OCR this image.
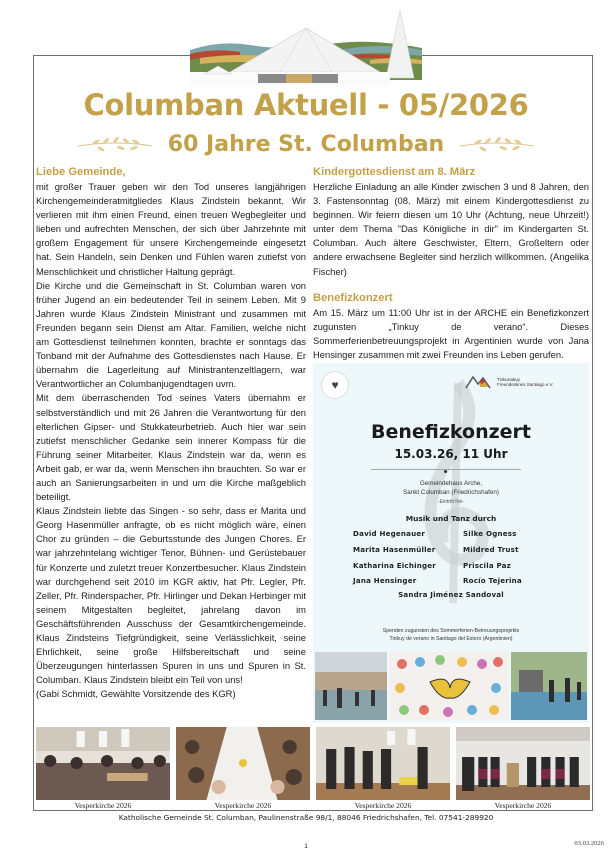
Columban Aktuell - 05/2026
60 Jahre St. Columban
Liebe Gemeinde,

mit großer Trauer geben wir den Tod unseres langjährigen Kirchengemeinderatmitgliedes Klaus Zindstein bekannt. Wir verlieren mit ihm einen Freund, einen treuen Wegbegleiter und lieben und aufrechten Menschen, der sich über Jahrzehnte mit großem Engagement für unsere Kirchengemeinde eingesetzt hat. Sein Handeln, sein Denken und Fühlen waren zutiefst von Menschlichkeit und christlicher Haltung geprägt.

Die Kirche und die Gemeinschaft in St. Columban waren von früher Jugend an ein bedeutender Teil in seinem Leben. Mit 9 Jahren wurde Klaus Zindstein Ministrant und zusammen mit Freunden begann sein Dienst am Altar. Familien, welche nicht am Gottesdienst teilnehmen konnten, brachte er sonntags das Tonband mit der Aufnahme des Gottesdienstes nach Hause. Er übernahm die Lagerleitung auf Ministrantenzeltlagern, war Verantwortlicher an Columbanjugendtagen uvm.

Mit dem überraschenden Tod seines Vaters übernahm er selbstverständlich und mit 26 Jahren die Verantwortung für den elterlichen Gipser- und Stukkateurbetrieb. Auch hier war sein zutiefst menschlicher Gedanke sein innerer Kompass für die Führung seiner Mitarbeiter. Klaus Zindstein war da, wenn es Arbeit gab, er war da, wenn Menschen ihn brauchten. So war er auch an Sanierungsarbeiten in und um die Kirche maßgeblich beteiligt.

Klaus Zindstein liebte das Singen - so sehr, dass er Marita und Georg Hasenmüller anfragte, ob es nicht möglich wäre, einen Chor zu gründen – die Geburtsstunde des Jungen Chores. Er war jahrzehntelang wichtiger Tenor, Bühnen- und Gerüstebauer für Konzerte und zuletzt treuer Konzertbesucher. Klaus Zindstein war durchgehend seit 2010 im KGR aktiv, hat Pfr. Legler, Pfr. Zeller, Pfr. Rinderspacher, Pfr. Hirlinger und Dekan Herbinger mit seinem Mitgestalten begleitet, jahrelang davon im Geschäftsführenden Ausschuss der Gesamtkirchengemeinde. Klaus Zindsteins Tiefgründigkeit, seine Verlässlichkeit, seine Ehrlichkeit, seine große Hilfsbereitschaft und seine Überzeugungen hinterlassen Spuren in uns und Spuren in St. Columban. Klaus Zindstein bleibt ein Teil von uns!

(Gabi Schmidt, Gewählte Vorsitzende des KGR)

Kindergottesdienst am 8. März

Herzliche Einladung an alle Kinder zwischen 3 und 8 Jahren, den 3. Fastensonntag (08. März) mit einem Kindergottesdienst zu beginnen. Wir feiern diesen um 10 Uhr (Achtung, neue Uhrzeit!) unter dem Thema "Das Königliche in dir" im Kindergarten St. Columban. Auch ältere Geschwister, Eltern, Großeltern oder andere erwachsene Begleiter sind herzlich willkommen. (Angelika Fischer)

Benefizkonzert

Am 15. März um 11:00 Uhr ist in der ARCHE ein Benefizkonzert zugunsten „Tinkuy de verano“. Dieses Sommerferienbetreuungsprojekt in Argentinien wurde von Jana Hensinger zusammen mit zwei Freunden ins Leben gerufen.

♥	Tinkunakuy
Freundeskreis Santiago e.V.
Benefizkonzert
15.03.26, 11 Uhr
Gemeindehaus Arche,
Sankt Columban (Friedrichshafen)
-Eintritt frei-
Musik und Tanz durch
David Hegenauer	Silke Ogness
Marita Hasenmüller	Mildred Trust
Katharina Eichinger	Priscila Paz
Jana Hensinger	Rocío Tejerina
Sandra Jiménez Sandoval
Spenden zugunsten des Sommerferien-Betreuungsprojekts
Tinkuy de verano in Santiago del Estero (Argentinien)
Vesperkirche 2026	Vesperkirche 2026	Vesperkirche 2026	Vesperkirche 2026
Katholische Gemeinde St. Columban, Paulinenstraße 98/1, 88046 Friedrichshafen, Tel. 07541-289920
1	03.03.2026
